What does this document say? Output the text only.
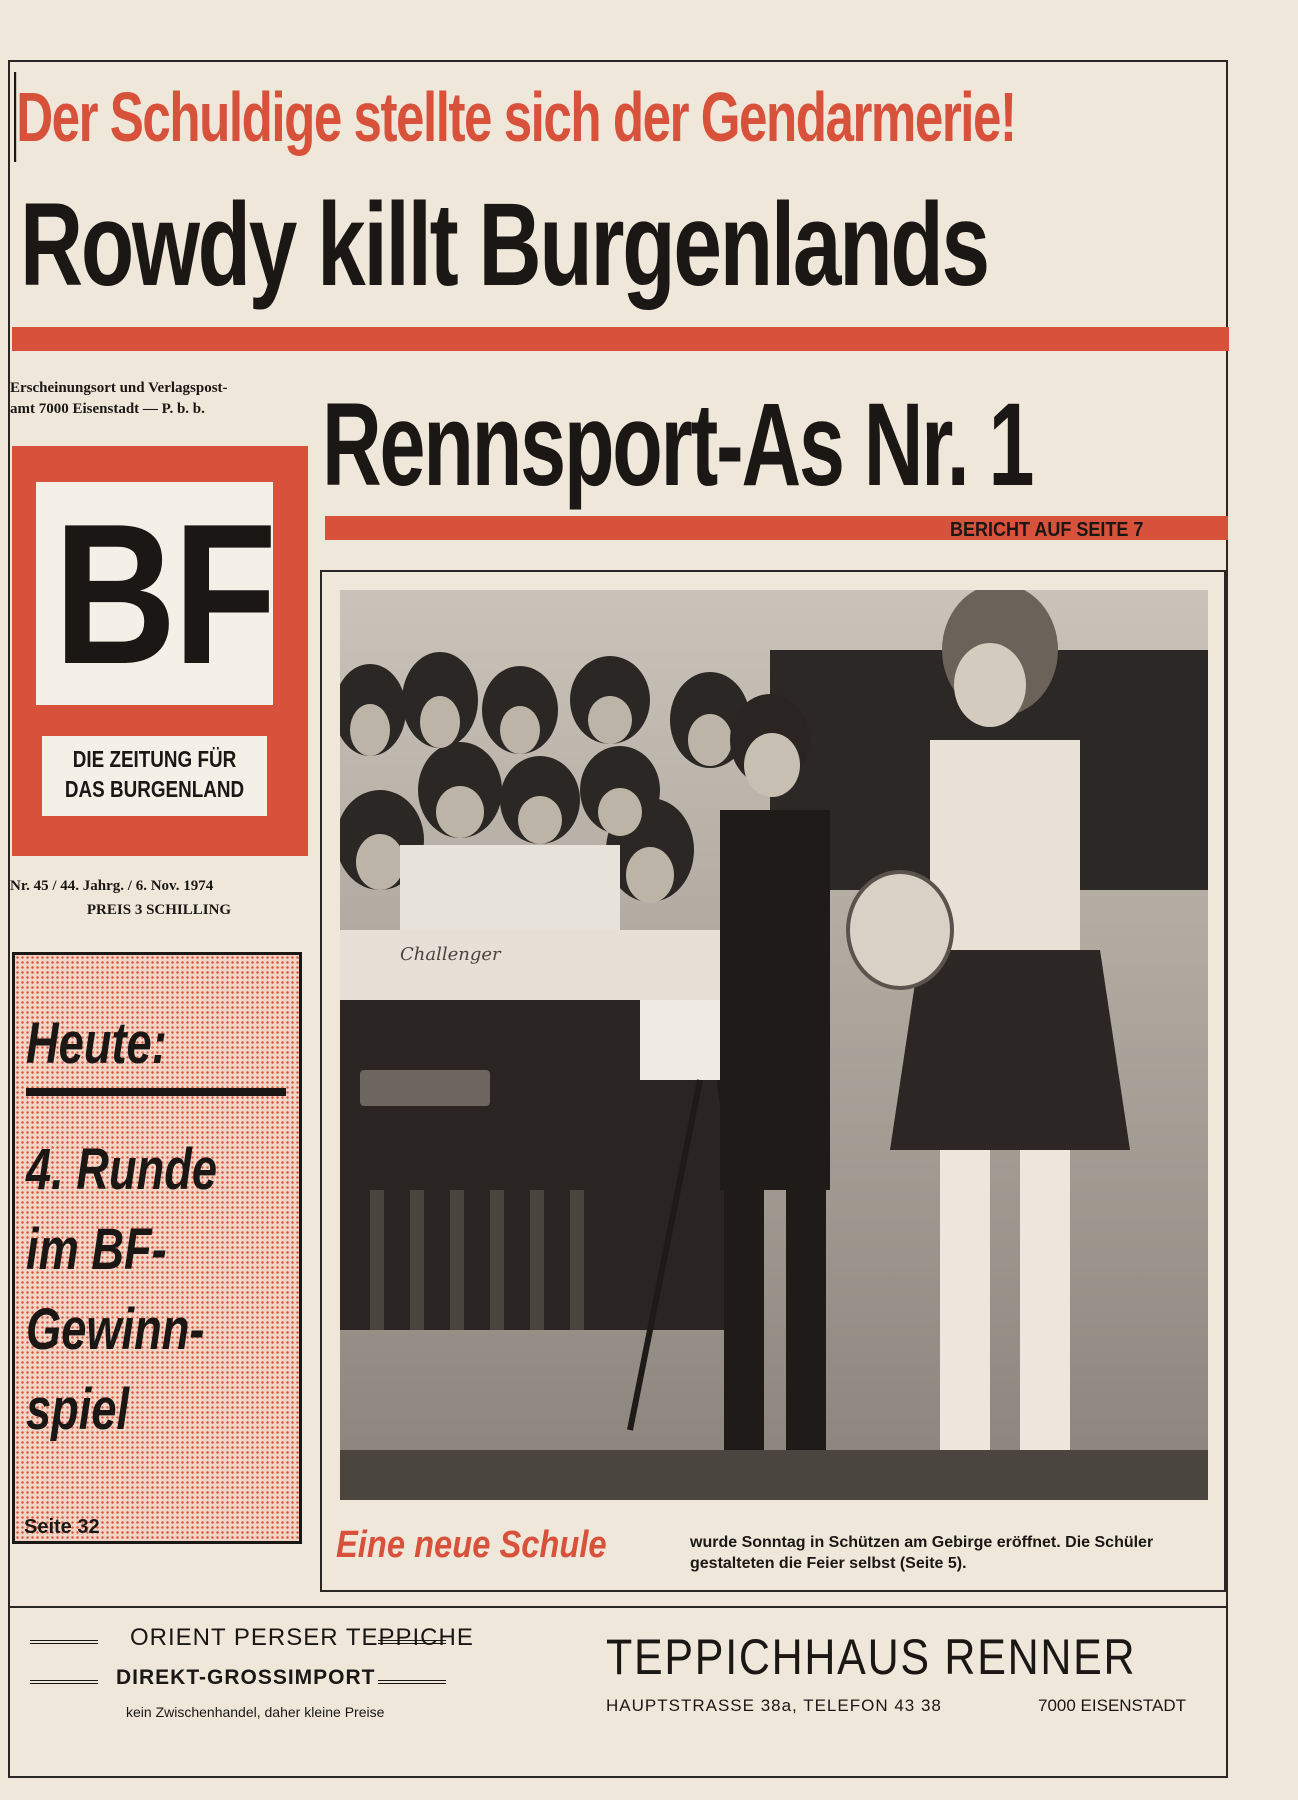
Der Schuldige stellte sich der Gendarmerie!
Rowdy killt Burgenlands
Erscheinungsort und Verlagspost-
amt 7000 Eisenstadt — P. b. b. Rennsport-As Nr. 1
BERICHT AUF SEITE 7
BF
DIE ZEITUNG FÜR
DAS BURGENLAND
Nr. 45 / 44. Jahrg. / 6. Nov. 1974
PREIS 3 SCHILLING
Heute:
4. Runde
im BF-
Gewinn-
spiel
Seite 32
Challenger
Eine neue Schule	wurde Sonntag in Schützen am Gebirge eröffnet. Die Schüler gestalteten die Feier selbst (Seite 5).
ORIENT PERSER TEPPICHE
DIREKT-GROSSIMPORT
kein Zwischenhandel, daher kleine Preise
TEPPICHHAUS RENNER
HAUPTSTRASSE 38a, TELEFON 43 38	7000 EISENSTADT
